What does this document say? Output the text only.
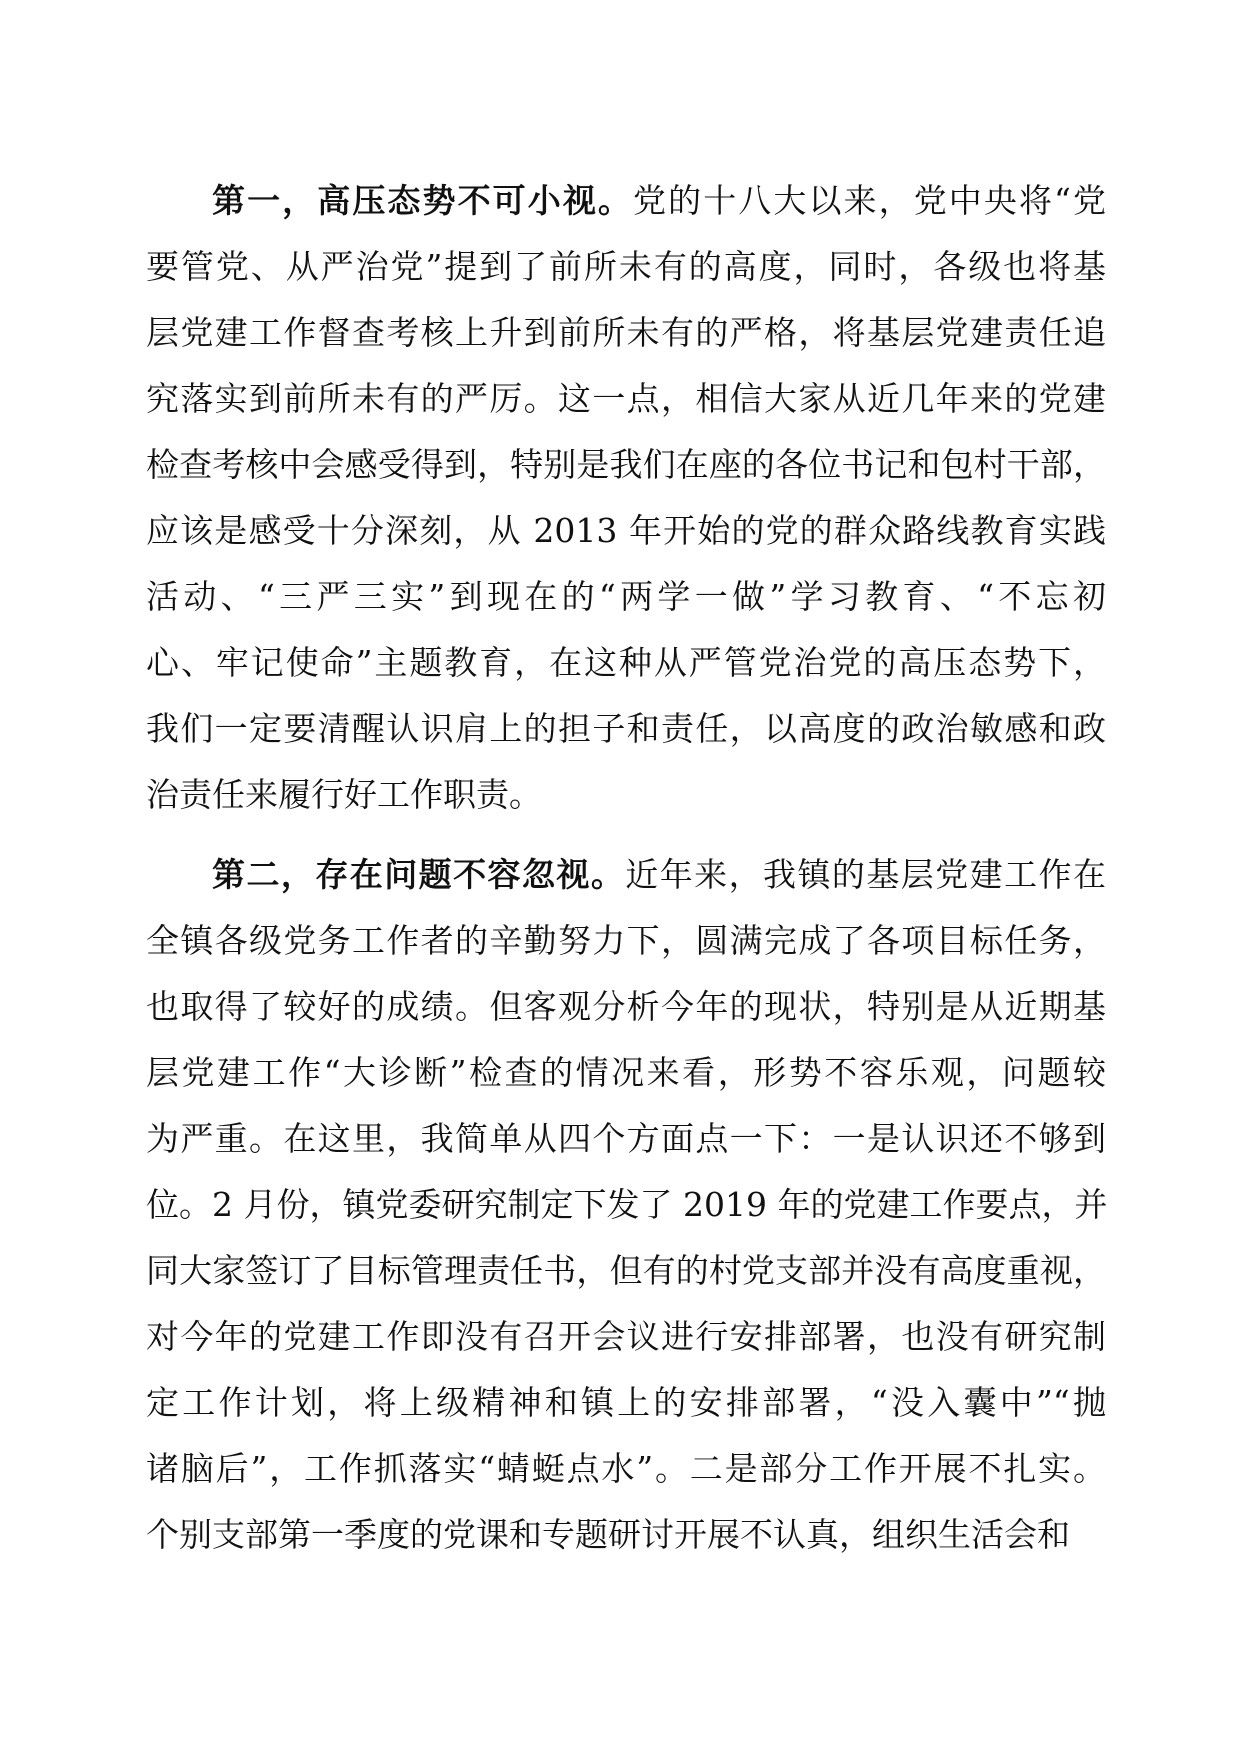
第一，高压态势不可小视。党的十八大以来，党中央将“党
要管党、从严治党”提到了前所未有的高度，同时，各级也将基
层党建工作督查考核上升到前所未有的严格，将基层党建责任追
究落实到前所未有的严厉。这一点，相信大家从近几年来的党建
检查考核中会感受得到，特别是我们在座的各位书记和包村干部，
应该是感受十分深刻，从 2013 年开始的党的群众路线教育实践
活动、“三严三实”到现在的“两学一做”学习教育、“不忘初
心、牢记使命”主题教育，在这种从严管党治党的高压态势下，
我们一定要清醒认识肩上的担子和责任，以高度的政治敏感和政
治责任来履行好工作职责。
第二，存在问题不容忽视。近年来，我镇的基层党建工作在
全镇各级党务工作者的辛勤努力下，圆满完成了各项目标任务，
也取得了较好的成绩。但客观分析今年的现状，特别是从近期基
层党建工作“大诊断”检查的情况来看，形势不容乐观，问题较
为严重。在这里，我简单从四个方面点一下：一是认识还不够到
位。2 月份，镇党委研究制定下发了 2019 年的党建工作要点，并
同大家签订了目标管理责任书，但有的村党支部并没有高度重视，
对今年的党建工作即没有召开会议进行安排部署，也没有研究制
定工作计划，将上级精神和镇上的安排部署，“没入囊中”“抛
诸脑后”，工作抓落实“蜻蜓点水”。二是部分工作开展不扎实。
个别支部第一季度的党课和专题研讨开展不认真，组织生活会和
